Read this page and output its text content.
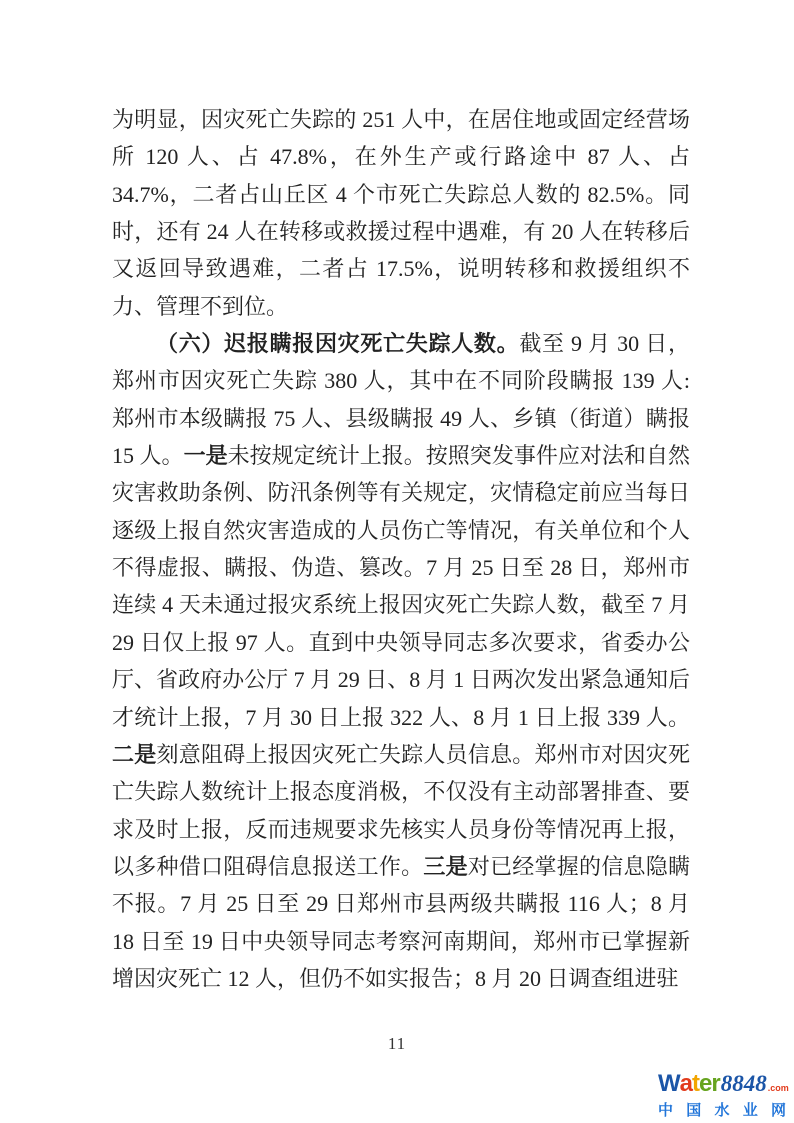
为明显，因灾死亡失踪的 251 人中，在居住地或固定经营场所 120 人、占 47.8%，在外生产或行路途中 87 人、占 34.7%，二者占山丘区 4 个市死亡失踪总人数的 82.5%。同时，还有 24 人在转移或救援过程中遇难，有 20 人在转移后又返回导致遇难，二者占 17.5%，说明转移和救援组织不力、管理不到位。

（六）迟报瞒报因灾死亡失踪人数。截至 9 月 30 日，郑州市因灾死亡失踪 380 人，其中在不同阶段瞒报 139 人:郑州市本级瞒报 75 人、县级瞒报 49 人、乡镇（街道）瞒报 15 人。一是未按规定统计上报。按照突发事件应对法和自然灾害救助条例、防汛条例等有关规定，灾情稳定前应当每日逐级上报自然灾害造成的人员伤亡等情况，有关单位和个人不得虚报、瞒报、伪造、篡改。7 月 25 日至 28 日，郑州市连续 4 天未通过报灾系统上报因灾死亡失踪人数，截至 7 月 29 日仅上报 97 人。直到中央领导同志多次要求，省委办公厅、省政府办公厅 7 月 29 日、8 月 1 日两次发出紧急通知后才统计上报，7 月 30 日上报 322 人、8 月 1 日上报 339 人。二是刻意阻碍上报因灾死亡失踪人员信息。郑州市对因灾死亡失踪人数统计上报态度消极，不仅没有主动部署排查、要求及时上报，反而违规要求先核实人员身份等情况再上报，以多种借口阻碍信息报送工作。三是对已经掌握的信息隐瞒不报。7 月 25 日至 29 日郑州市县两级共瞒报 116 人；8 月 18 日至 19 日中央领导同志考察河南期间，郑州市已掌握新增因灾死亡 12 人，但仍不如实报告；8 月 20 日调查组进驻

11
W a t e r 8848 .com
中 国 水 业 网
